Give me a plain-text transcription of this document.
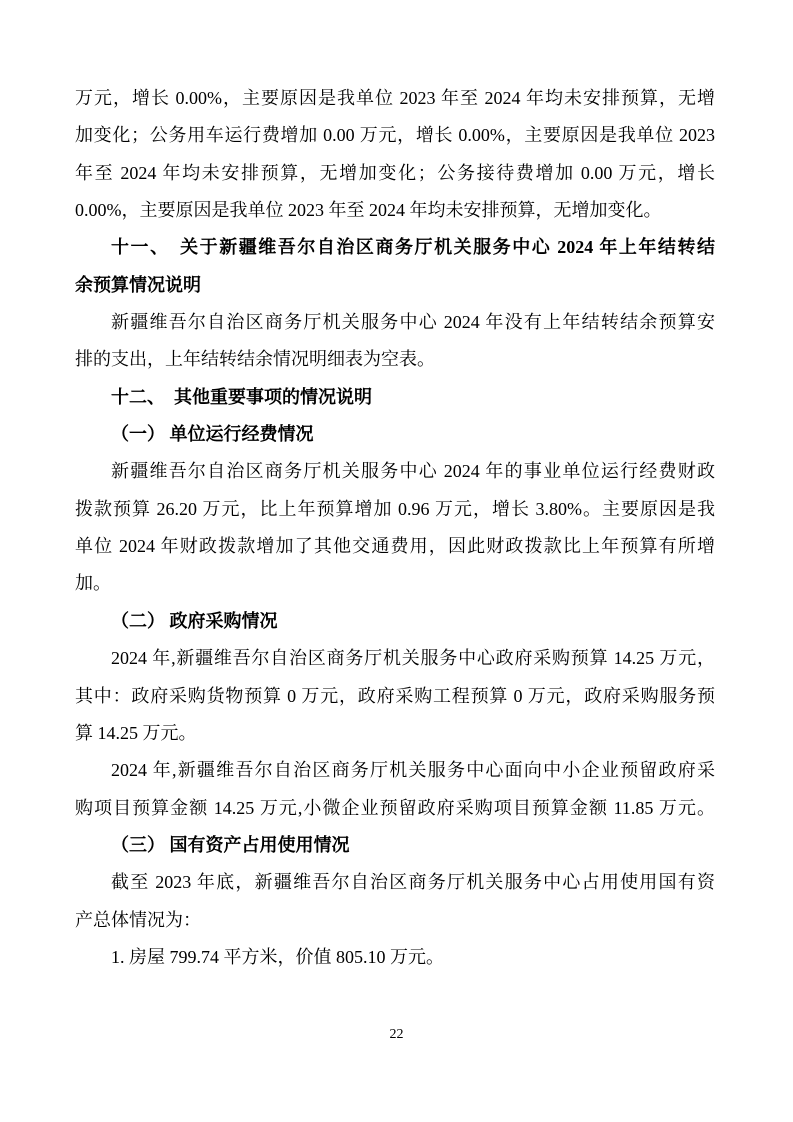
万元，增长 0.00%，主要原因是我单位 2023 年至 2024 年均未安排预算，无增
加变化；公务用车运行费增加 0.00 万元，增长 0.00%，主要原因是我单位 2023
年至 2024 年均未安排预算，无增加变化；公务接待费增加 0.00 万元，增长
0.00%，主要原因是我单位 2023 年至 2024 年均未安排预算，无增加变化。
十一、　关于新疆维吾尔自治区商务厅机关服务中心 2024 年上年结转结
余预算情况说明
新疆维吾尔自治区商务厅机关服务中心 2024 年没有上年结转结余预算安
排的支出，上年结转结余情况明细表为空表。
十二、　其他重要事项的情况说明
（一） 单位运行经费情况
新疆维吾尔自治区商务厅机关服务中心 2024 年的事业单位运行经费财政
拨款预算 26.20 万元，比上年预算增加 0.96 万元，增长 3.80%。主要原因是我
单位 2024 年财政拨款增加了其他交通费用，因此财政拨款比上年预算有所增
加。
（二） 政府采购情况
2024 年,新疆维吾尔自治区商务厅机关服务中心政府采购预算 14.25 万元，
其中：政府采购货物预算 0 万元，政府采购工程预算 0 万元，政府采购服务预
算 14.25 万元。
2024 年,新疆维吾尔自治区商务厅机关服务中心面向中小企业预留政府采
购项目预算金额 14.25 万元,小微企业预留政府采购项目预算金额 11.85 万元。
（三） 国有资产占用使用情况
截至 2023 年底，新疆维吾尔自治区商务厅机关服务中心占用使用国有资
产总体情况为：
1. 房屋 799.74 平方米，价值 805.10 万元。
22
